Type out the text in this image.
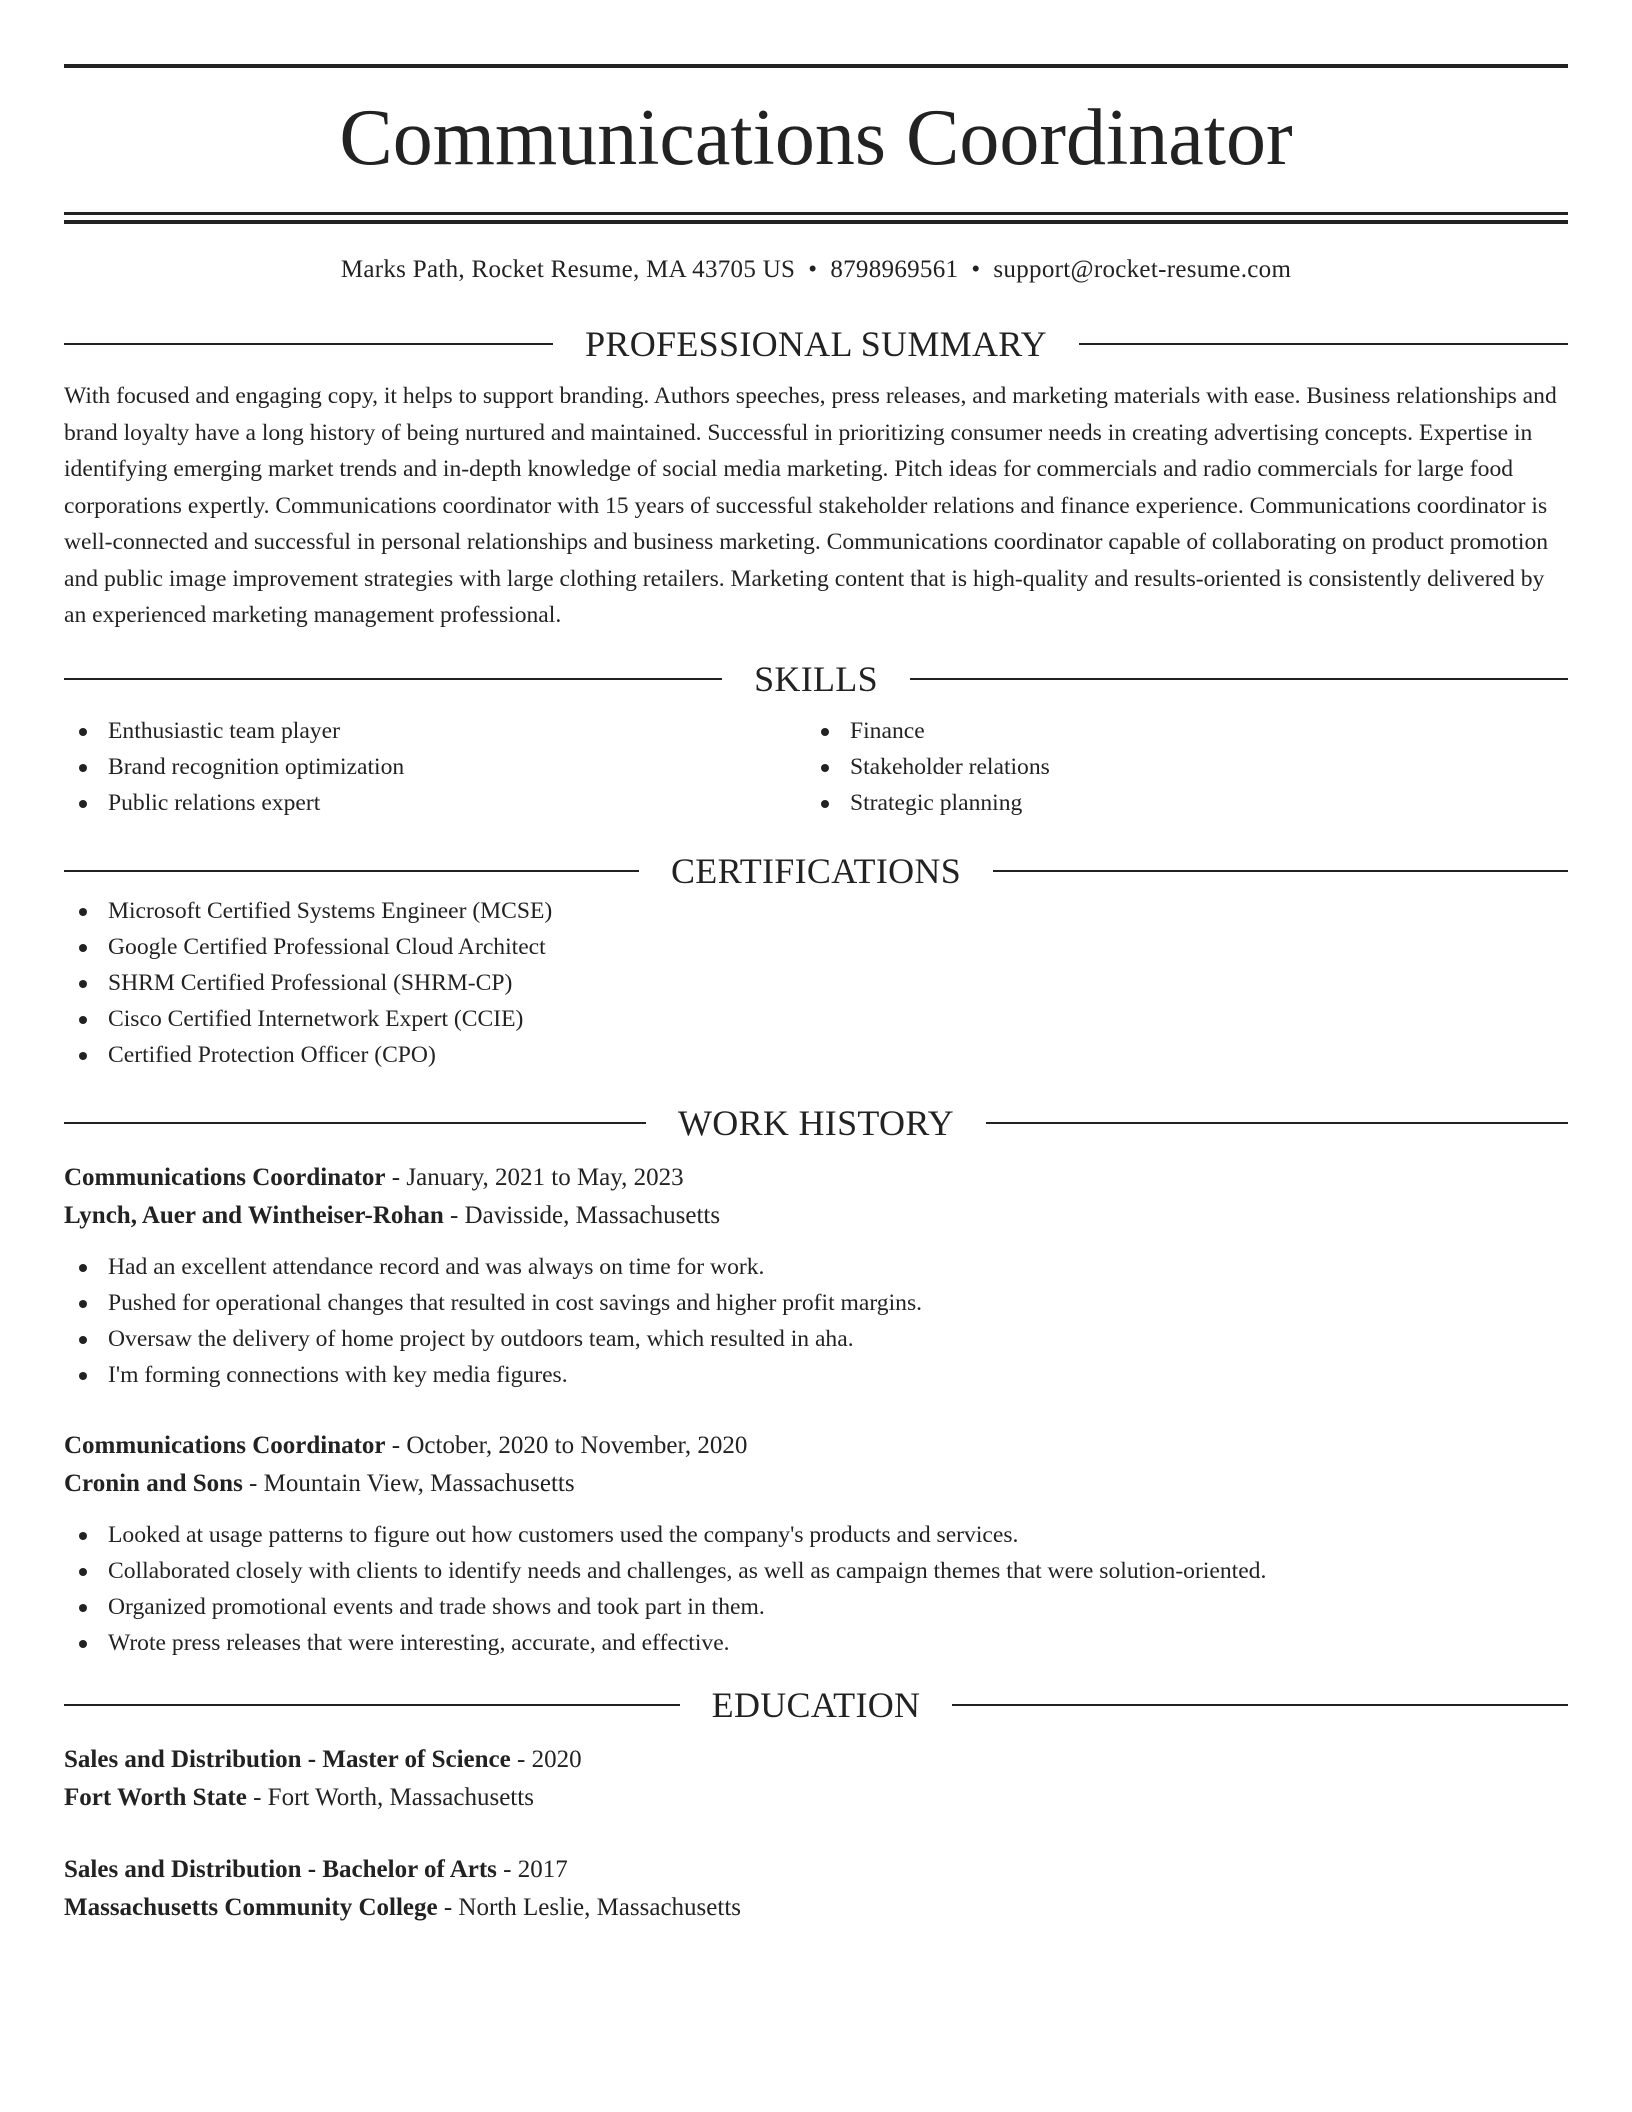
Communications Coordinator
Marks Path, Rocket Resume, MA 43705 US • 8798969561 • support@rocket-resume.com
PROFESSIONAL SUMMARY

With focused and engaging copy, it helps to support branding. Authors speeches, press releases, and marketing materials with ease. Business relationships and brand loyalty have a long history of being nurtured and maintained. Successful in prioritizing consumer needs in creating advertising concepts. Expertise in identifying emerging market trends and in-depth knowledge of social media marketing. Pitch ideas for commercials and radio commercials for large food corporations expertly. Communications coordinator with 15 years of successful stakeholder relations and finance experience. Communications coordinator is well-connected and successful in personal relationships and business marketing. Communications coordinator capable of collaborating on product promotion and public image improvement strategies with large clothing retailers. Marketing content that is high-quality and results-oriented is consistently delivered by an experienced marketing management professional.

SKILLS
Enthusiastic team player
Brand recognition optimization
Public relations expert
Finance
Stakeholder relations
Strategic planning
CERTIFICATIONS
Microsoft Certified Systems Engineer (MCSE)
Google Certified Professional Cloud Architect
SHRM Certified Professional (SHRM-CP)
Cisco Certified Internetwork Expert (CCIE)
Certified Protection Officer (CPO)
WORK HISTORY
Communications Coordinator - January, 2021 to May, 2023
Lynch, Auer and Wintheiser-Rohan - Davisside, Massachusetts
Had an excellent attendance record and was always on time for work.
Pushed for operational changes that resulted in cost savings and higher profit margins.
Oversaw the delivery of home project by outdoors team, which resulted in aha.
I'm forming connections with key media figures.
Communications Coordinator - October, 2020 to November, 2020
Cronin and Sons - Mountain View, Massachusetts
Looked at usage patterns to figure out how customers used the company's products and services.
Collaborated closely with clients to identify needs and challenges, as well as campaign themes that were solution-oriented.
Organized promotional events and trade shows and took part in them.
Wrote press releases that were interesting, accurate, and effective.
EDUCATION
Sales and Distribution - Master of Science - 2020
Fort Worth State - Fort Worth, Massachusetts
Sales and Distribution - Bachelor of Arts - 2017
Massachusetts Community College - North Leslie, Massachusetts
